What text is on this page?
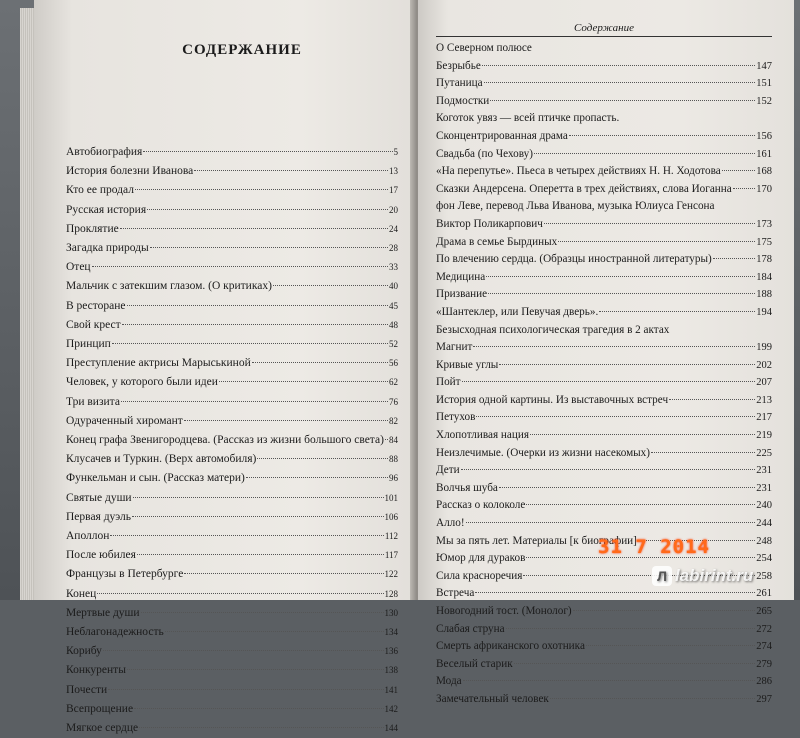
СОДЕРЖАНИЕ
Автобиография	5
История болезни Иванова	13
Кто ее продал	17
Русская история	20
Проклятие	24
Загадка природы	28
Отец	33
Мальчик с затекшим глазом. (О критиках)	40
В ресторане	45
Свой крест	48
Принцип	52
Преступление актрисы Марыськиной	56
Человек, у которого были идеи	62
Три визита	76
Одураченный хиромант	82
Конец графа Звенигородцева. (Рассказ из жизни большого света) 84
Клусачев и Туркин. (Верх автомобиля)	88
Функельман и сын. (Рассказ матери)	96
Святые души	101
Первая дуэль	106
Аполлон	112
После юбилея	117
Французы в Петербурге	122
Конец	128
Мертвые души	130
Неблагонадежность	134
Корибу	136
Конкуренты	138
Почести	141
Всепрощение	142
Мягкое сердце	144
Содержание
О Северном полюсе
Безрыбье	147
Путаница	151
Подмостки	152
Коготок увяз — всей птичке пропасть.
Сконцентрированная драма	156
Свадьба (по Чехову)	161
«На перепутье». Пьеса в четырех действиях Н. Н. Ходотова	168
Сказки Андерсена. Оперетта в трех действиях, слова Иоганна 170
фон Леве, перевод Льва Иванова, музыка Юлиуса Генсона
Виктор Поликарпович	173
Драма в семье Бырдиных	175
По влечению сердца. (Образцы иностранной литературы)	178
Медицина	184
Призвание	188
«Шантеклер, или Певучая дверь».	194
Безысходная психологическая трагедия в 2 актах
Магнит	199
Кривые углы	202
Пойт	207
История одной картины. Из выставочных встреч	213
Петухов	217
Хлопотливая нация	219
Неизлечимые. (Очерки из жизни насекомых)	225
Дети	231
Волчья шуба	231
Рассказ о колоколе	240
Алло!	244
Мы за пять лет. Материалы [к биографии]	248
Юмор для дураков	254
Сила красноречия	258
Встреча	261
Новогодний тост. (Монолог)	265
Слабая струна	272
Смерть африканского охотника	274
Веселый старик	279
Мода	286
Замечательный человек	297
31 7 2014
Л labirint.ru
